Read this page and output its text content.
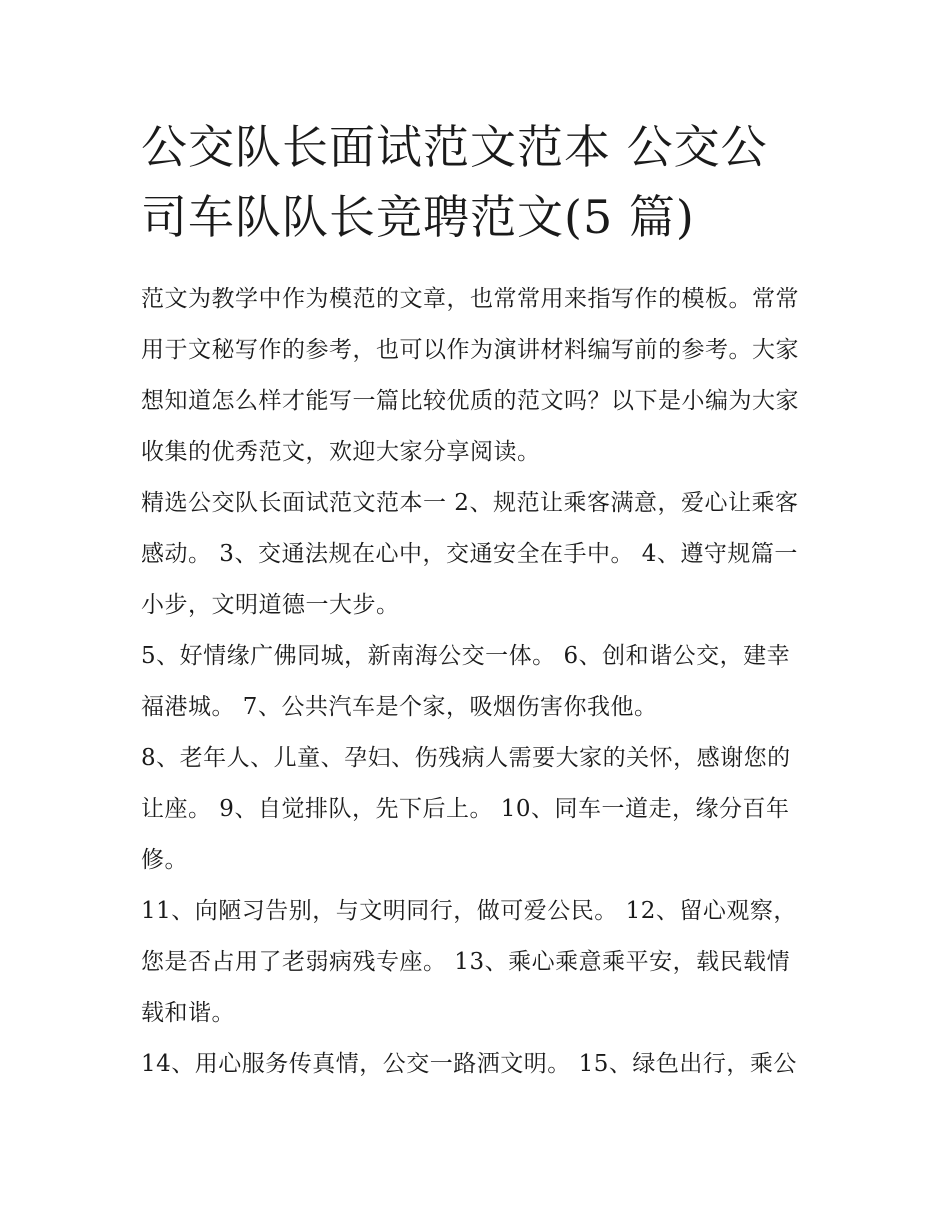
公交队长面试范文范本 公交公司车队队长竞聘范文(5 篇)

范文为教学中作为模范的文章，也常常用来指写作的模板。常常用于文秘写作的参考，也可以作为演讲材料编写前的参考。大家想知道怎么样才能写一篇比较优质的范文吗？以下是小编为大家收集的优秀范文，欢迎大家分享阅读。

精选公交队长面试范文范本一 2、规范让乘客满意，爱心让乘客感动。 3、交通法规在心中，交通安全在手中。 4、遵守规篇一小步，文明道德一大步。

5、好情缘广佛同城，新南海公交一体。 6、创和谐公交，建幸福港城。 7、公共汽车是个家，吸烟伤害你我他。

8、老年人、儿童、孕妇、伤残病人需要大家的关怀，感谢您的让座。 9、自觉排队，先下后上。 10、同车一道走，缘分百年修。

11、向陋习告别，与文明同行，做可爱公民。 12、留心观察，您是否占用了老弱病残专座。 13、乘心乘意乘平安，载民载情载和谐。

14、用心服务传真情，公交一路洒文明。 15、绿色出行，乘公
